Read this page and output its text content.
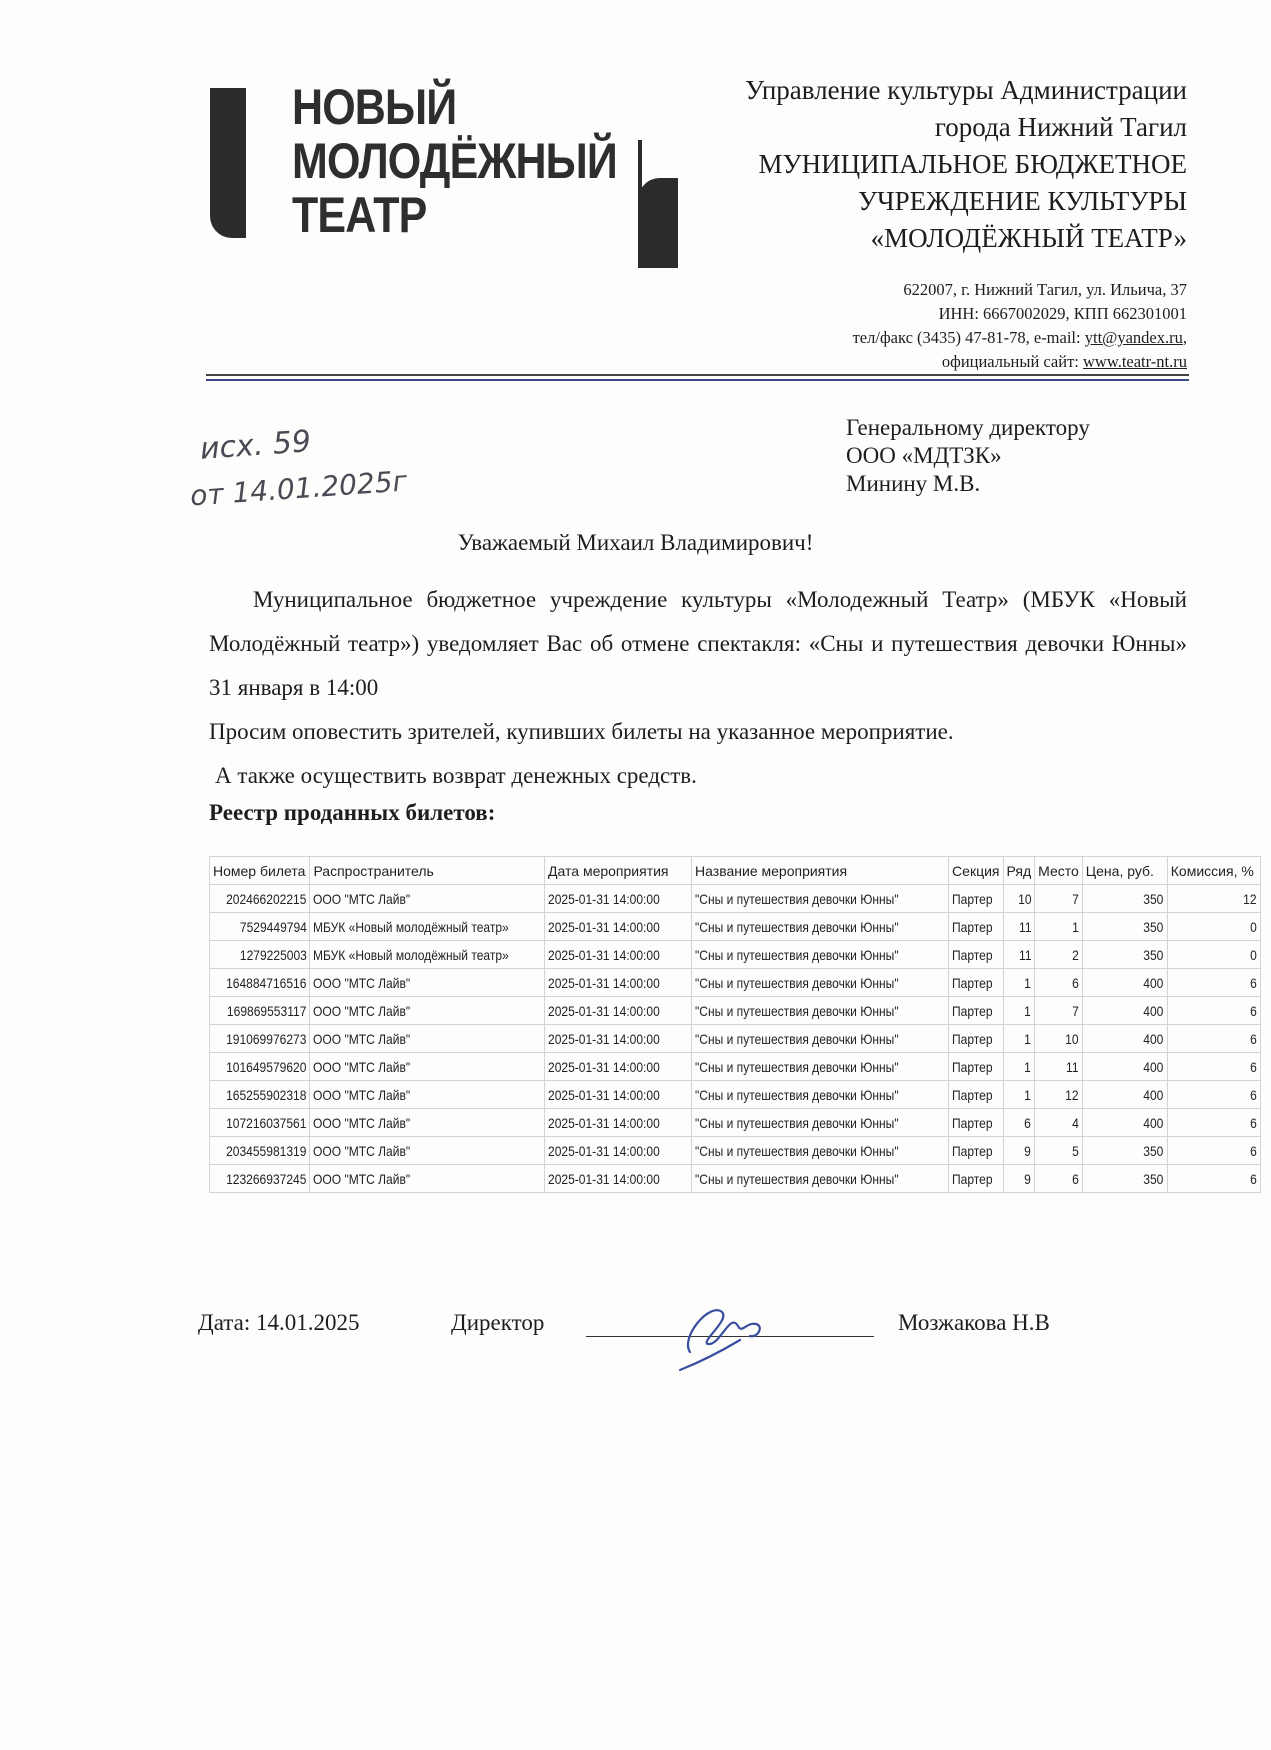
НОВЫЙ
МОЛОДЁЖНЫЙ
ТЕАТР
Управление культуры Администрации
города Нижний Тагил
МУНИЦИПАЛЬНОЕ БЮДЖЕТНОЕ
УЧРЕЖДЕНИЕ КУЛЬТУРЫ
«МОЛОДЁЖНЫЙ ТЕАТР»
622007, г. Нижний Тагил, ул. Ильича, 37
ИНН: 6667002029, КПП 662301001
тел/факс (3435) 47-81-78, e-mail: ytt@yandex.ru,
официальный сайт: www.teatr-nt.ru
исх. 59
от 14.01.2025г
Генеральному директору
ООО «МДТЗК»
Минину М.В.
Уважаемый Михаил Владимирович!
Муниципальное бюджетное учреждение культуры «Молодежный Театр» (МБУК «Новый Молодёжный театр») уведомляет Вас об отмене спектакля: «Сны и путешествия девочки Юнны» 31 января в 14:00
Просим оповестить зрителей, купивших билеты на указанное мероприятие.
А также осуществить возврат денежных средств.
Реестр проданных билетов:
Номер билета	Распространитель	Дата мероприятия	Название мероприятия	Секция	Ряд	Место	Цена, руб.	Комиссия, %
202466202215	ООО "МТС Лайв"	2025-01-31 14:00:00	"Сны и путешествия девочки Юнны"	Партер	10	7	350	12
7529449794	МБУК «Новый молодёжный театр»	2025-01-31 14:00:00	"Сны и путешествия девочки Юнны"	Партер	11	1	350	0
1279225003	МБУК «Новый молодёжный театр»	2025-01-31 14:00:00	"Сны и путешествия девочки Юнны"	Партер	11	2	350	0
164884716516	ООО "МТС Лайв"	2025-01-31 14:00:00	"Сны и путешествия девочки Юнны"	Партер	1	6	400	6
169869553117	ООО "МТС Лайв"	2025-01-31 14:00:00	"Сны и путешествия девочки Юнны"	Партер	1	7	400	6
191069976273	ООО "МТС Лайв"	2025-01-31 14:00:00	"Сны и путешествия девочки Юнны"	Партер	1	10	400	6
101649579620	ООО "МТС Лайв"	2025-01-31 14:00:00	"Сны и путешествия девочки Юнны"	Партер	1	11	400	6
165255902318	ООО "МТС Лайв"	2025-01-31 14:00:00	"Сны и путешествия девочки Юнны"	Партер	1	12	400	6
107216037561	ООО "МТС Лайв"	2025-01-31 14:00:00	"Сны и путешествия девочки Юнны"	Партер	6	4	400	6
203455981319	ООО "МТС Лайв"	2025-01-31 14:00:00	"Сны и путешествия девочки Юнны"	Партер	9	5	350	6
123266937245	ООО "МТС Лайв"	2025-01-31 14:00:00	"Сны и путешествия девочки Юнны"	Партер	9	6	350	6
Дата: 14.01.2025	Директор	Мозжакова Н.В
